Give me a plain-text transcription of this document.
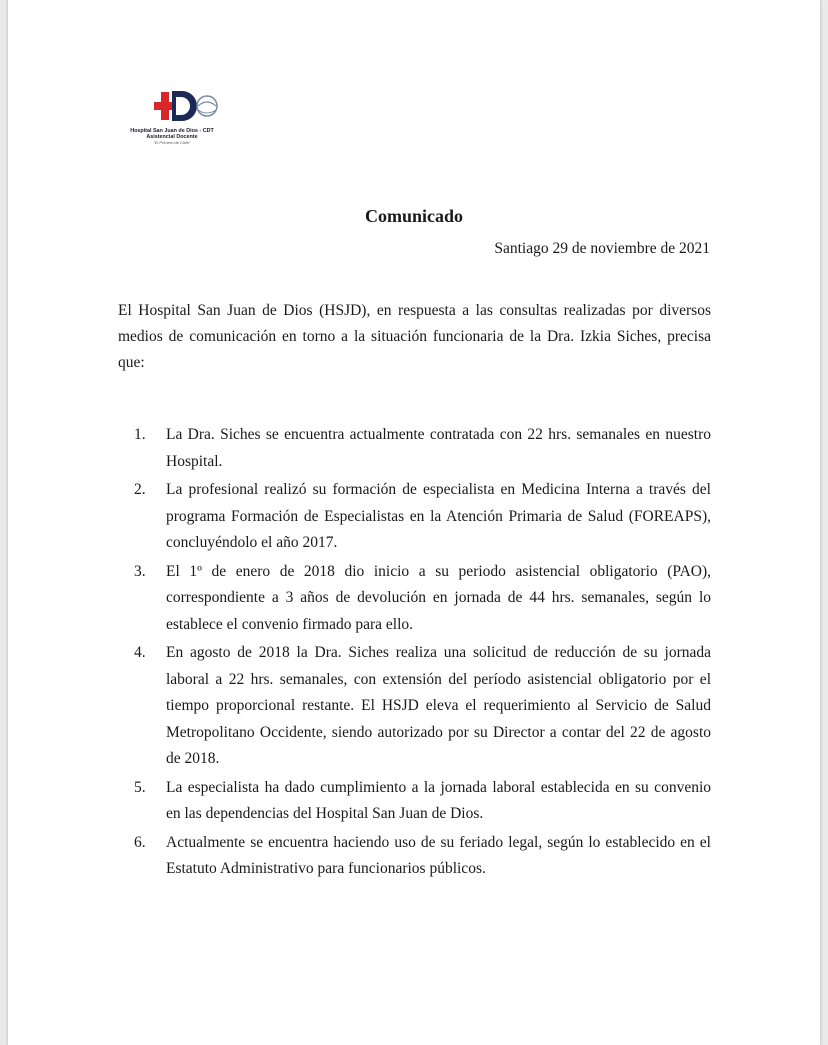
Hospital San Juan de Dios - CDT
Asistencial Docente
"El Primero de Chile"
Comunicado
Santiago 29 de noviembre de 2021

El Hospital San Juan de Dios (HSJD), en respuesta a las consultas realizadas por diversos medios de comunicación en torno a la situación funcionaria de la Dra. Izkia Siches, precisa que:

1. La Dra. Siches se encuentra actualmente contratada con 22 hrs. semanales en nuestro Hospital.
2. La profesional realizó su formación de especialista en Medicina Interna a través del programa Formación de Especialistas en la Atención Primaria de Salud (FOREAPS), concluyéndolo el año 2017.
3. El 1º de enero de 2018 dio inicio a su periodo asistencial obligatorio (PAO), correspondiente a 3 años de devolución en jornada de 44 hrs. semanales, según lo establece el convenio firmado para ello.
4. En agosto de 2018 la Dra. Siches realiza una solicitud de reducción de su jornada laboral a 22 hrs. semanales, con extensión del período asistencial obligatorio por el tiempo proporcional restante. El HSJD eleva el requerimiento al Servicio de Salud Metropolitano Occidente, siendo autorizado por su Director a contar del 22 de agosto de 2018.
5. La especialista ha dado cumplimiento a la jornada laboral establecida en su convenio en las dependencias del Hospital San Juan de Dios.
6. Actualmente se encuentra haciendo uso de su feriado legal, según lo establecido en el Estatuto Administrativo para funcionarios públicos.
